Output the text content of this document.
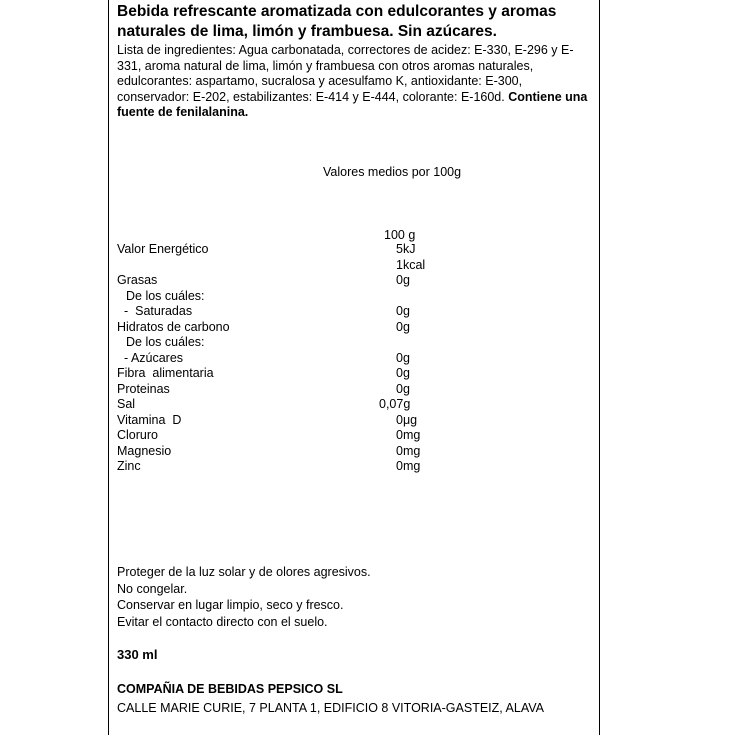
Bebida refrescante aromatizada con edulcorantes y aromas naturales de lima, limón y frambuesa. Sin azúcares.
Lista de ingredientes: Agua carbonatada, correctores de acidez: E-330, E-296 y E-331, aroma natural de lima, limón y frambuesa con otros aromas naturales, edulcorantes: aspartamo, sucralosa y acesulfamo K, antioxidante: E-300, conservador: E-202, estabilizantes: E-414 y E-444, colorante: E-160d. Contiene una fuente de fenilalanina.
Valores medios por 100g
100 g
Valor Energético	5kJ
1kcal
Grasas	0g
De los cuáles:
-  Saturadas	0g
Hidratos de carbono	0g
De los cuáles:
- Azúcares	0g
Fibra  alimentaria	0g
Proteinas	0g
Sal	0,07g
Vitamina  D	0μg
Cloruro	0mg
Magnesio	0mg
Zinc	0mg
Proteger de la luz solar y de olores agresivos.
No congelar.
Conservar en lugar limpio, seco y fresco.
Evitar el contacto directo con el suelo.
330 ml
COMPAÑIA DE BEBIDAS PEPSICO SL
CALLE MARIE CURIE, 7 PLANTA 1, EDIFICIO 8 VITORIA-GASTEIZ, ALAVA
